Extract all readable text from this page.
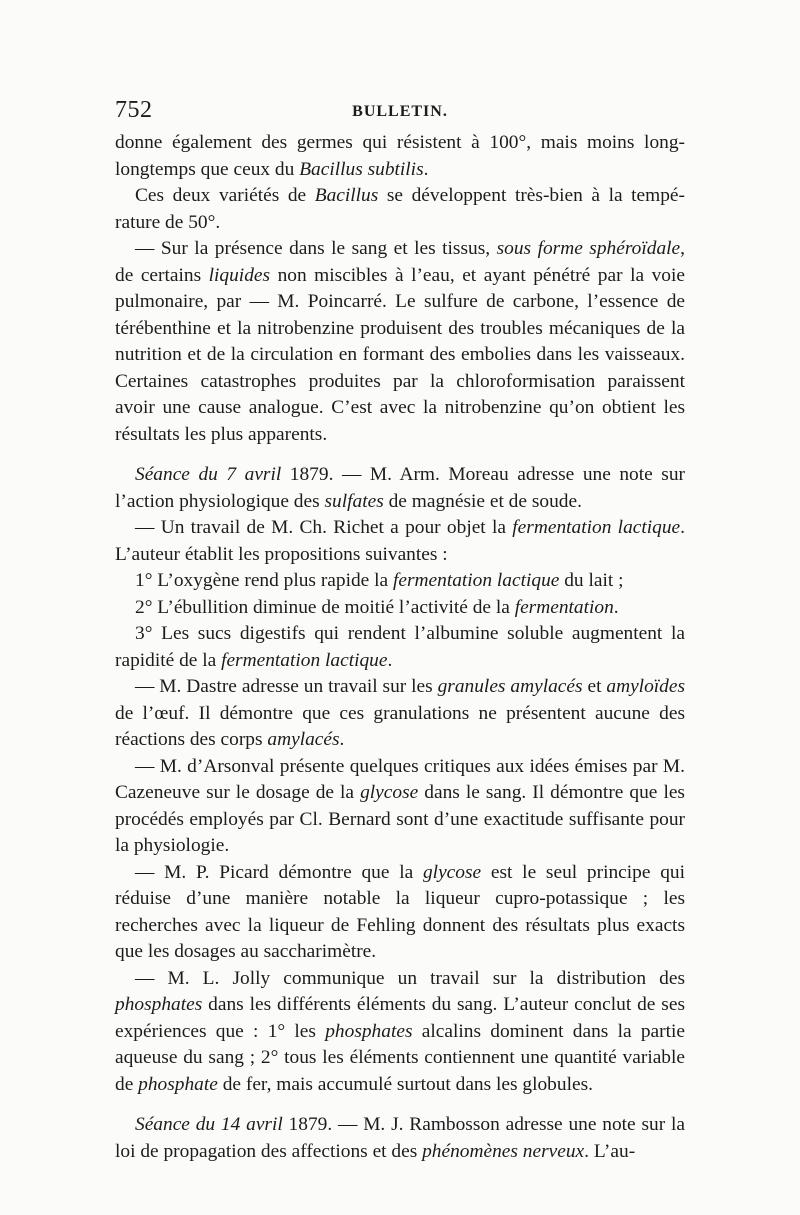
752	BULLETIN.

donne également des germes qui résistent à 100°, mais moins longlongtemps que ceux du Bacillus subtilis.

Ces deux variétés de Bacillus se développent très-bien à la température de 50°.

— Sur la présence dans le sang et les tissus, sous forme sphéroïdale, de certains liquides non miscibles à l’eau, et ayant pénétré par la voie pulmonaire, par — M. Poincarré. Le sulfure de carbone, l’essence de térébenthine et la nitrobenzine produisent des troubles mécaniques de la nutrition et de la circulation en formant des embolies dans les vaisseaux. Certaines catastrophes produites par la chloroformisation paraissent avoir une cause analogue. C’est avec la nitrobenzine qu’on obtient les résultats les plus apparents.

Séance du 7 avril 1879. — M. Arm. Moreau adresse une note sur l’action physiologique des sulfates de magnésie et de soude.

— Un travail de M. Ch. Richet a pour objet la fermentation lactique. L’auteur établit les propositions suivantes :

1° L’oxygène rend plus rapide la fermentation lactique du lait ;

2° L’ébullition diminue de moitié l’activité de la fermentation.

3° Les sucs digestifs qui rendent l’albumine soluble augmentent la rapidité de la fermentation lactique.

— M. Dastre adresse un travail sur les granules amylacés et amyloïdes de l’œuf. Il démontre que ces granulations ne présentent aucune des réactions des corps amylacés.

— M. d’Arsonval présente quelques critiques aux idées émises par M. Cazeneuve sur le dosage de la glycose dans le sang. Il démontre que les procédés employés par Cl. Bernard sont d’une exactitude suffisante pour la physiologie.

— M. P. Picard démontre que la glycose est le seul principe qui réduise d’une manière notable la liqueur cupro-potassique ; les recherches avec la liqueur de Fehling donnent des résultats plus exacts que les dosages au saccharimètre.

— M. L. Jolly communique un travail sur la distribution des phosphates dans les différents éléments du sang. L’auteur conclut de ses expériences que : 1° les phosphates alcalins dominent dans la partie aqueuse du sang ; 2° tous les éléments contiennent une quantité variable de phosphate de fer, mais accumulé surtout dans les globules.

Séance du 14 avril 1879. — M. J. Rambosson adresse une note sur la loi de propagation des affections et des phénomènes nerveux. L’au-
